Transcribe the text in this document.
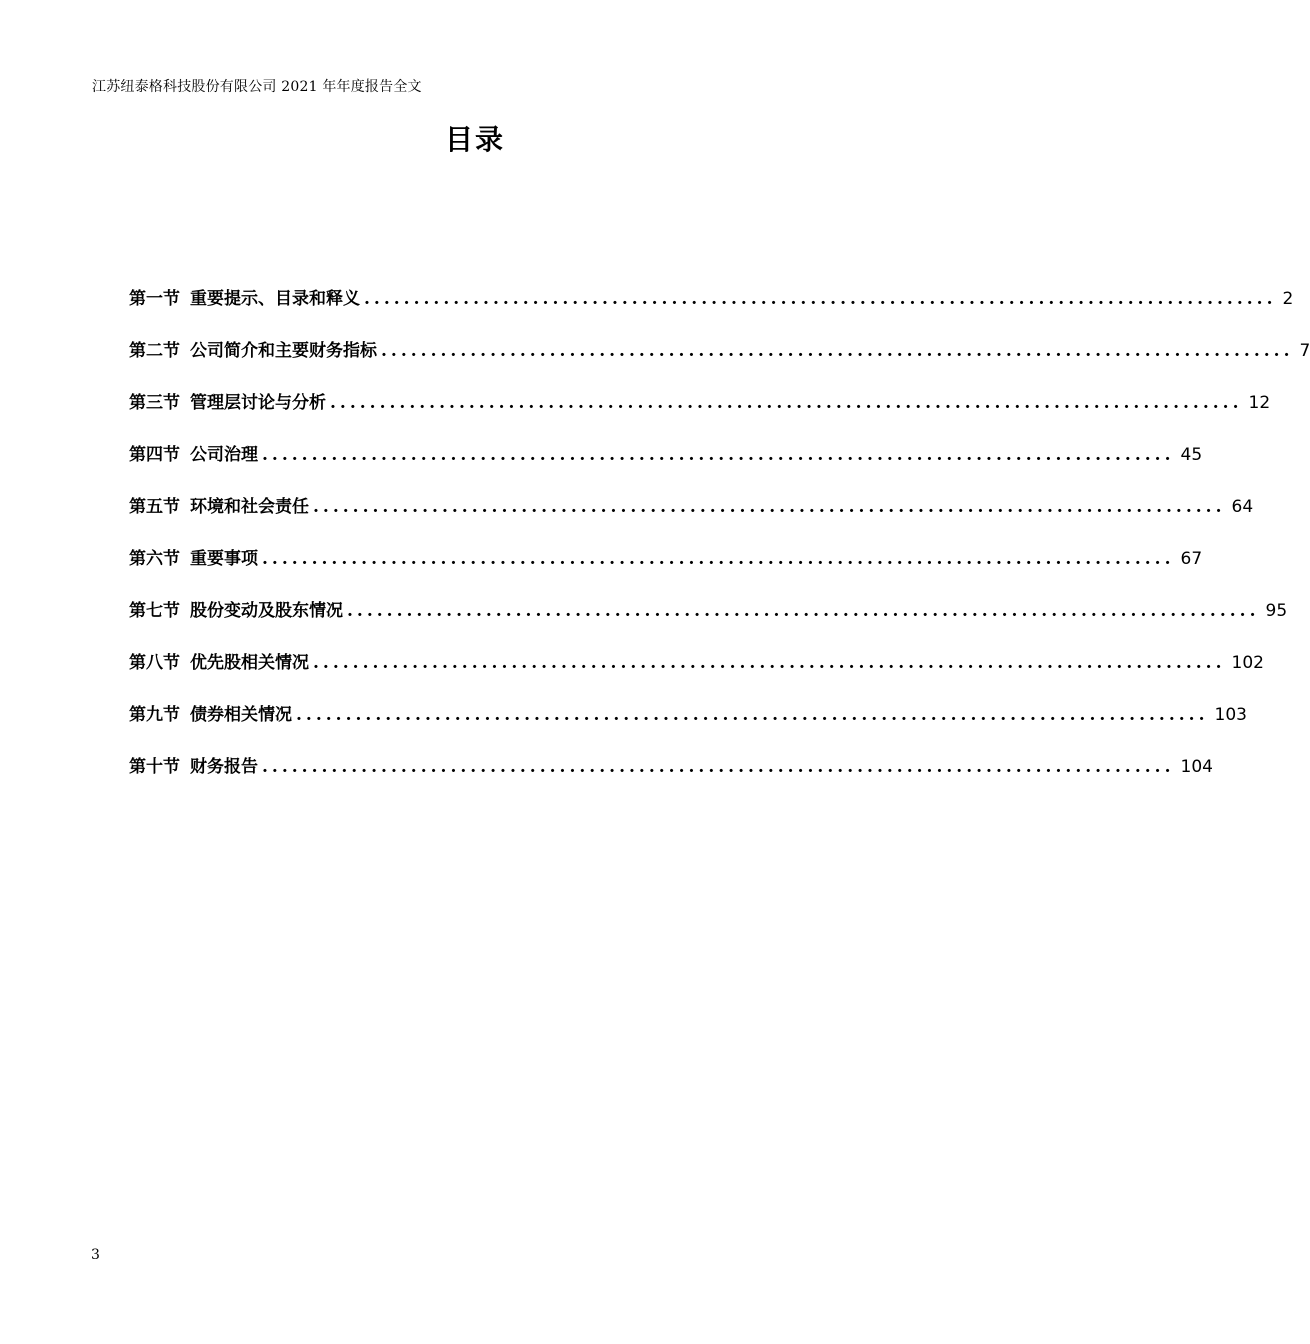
江苏纽泰格科技股份有限公司 2021 年年度报告全文
目录
第一节 重要提示、目录和释义 ............................................................................................ 2
第二节 公司简介和主要财务指标 ............................................................................................ 7
第三节 管理层讨论与分析 ............................................................................................ 12
第四节 公司治理 ............................................................................................ 45
第五节 环境和社会责任 ............................................................................................ 64
第六节 重要事项 ............................................................................................ 67
第七节 股份变动及股东情况 ............................................................................................ 95
第八节 优先股相关情况 ............................................................................................ 102
第九节 债券相关情况 ............................................................................................ 103
第十节 财务报告 ............................................................................................ 104
3
